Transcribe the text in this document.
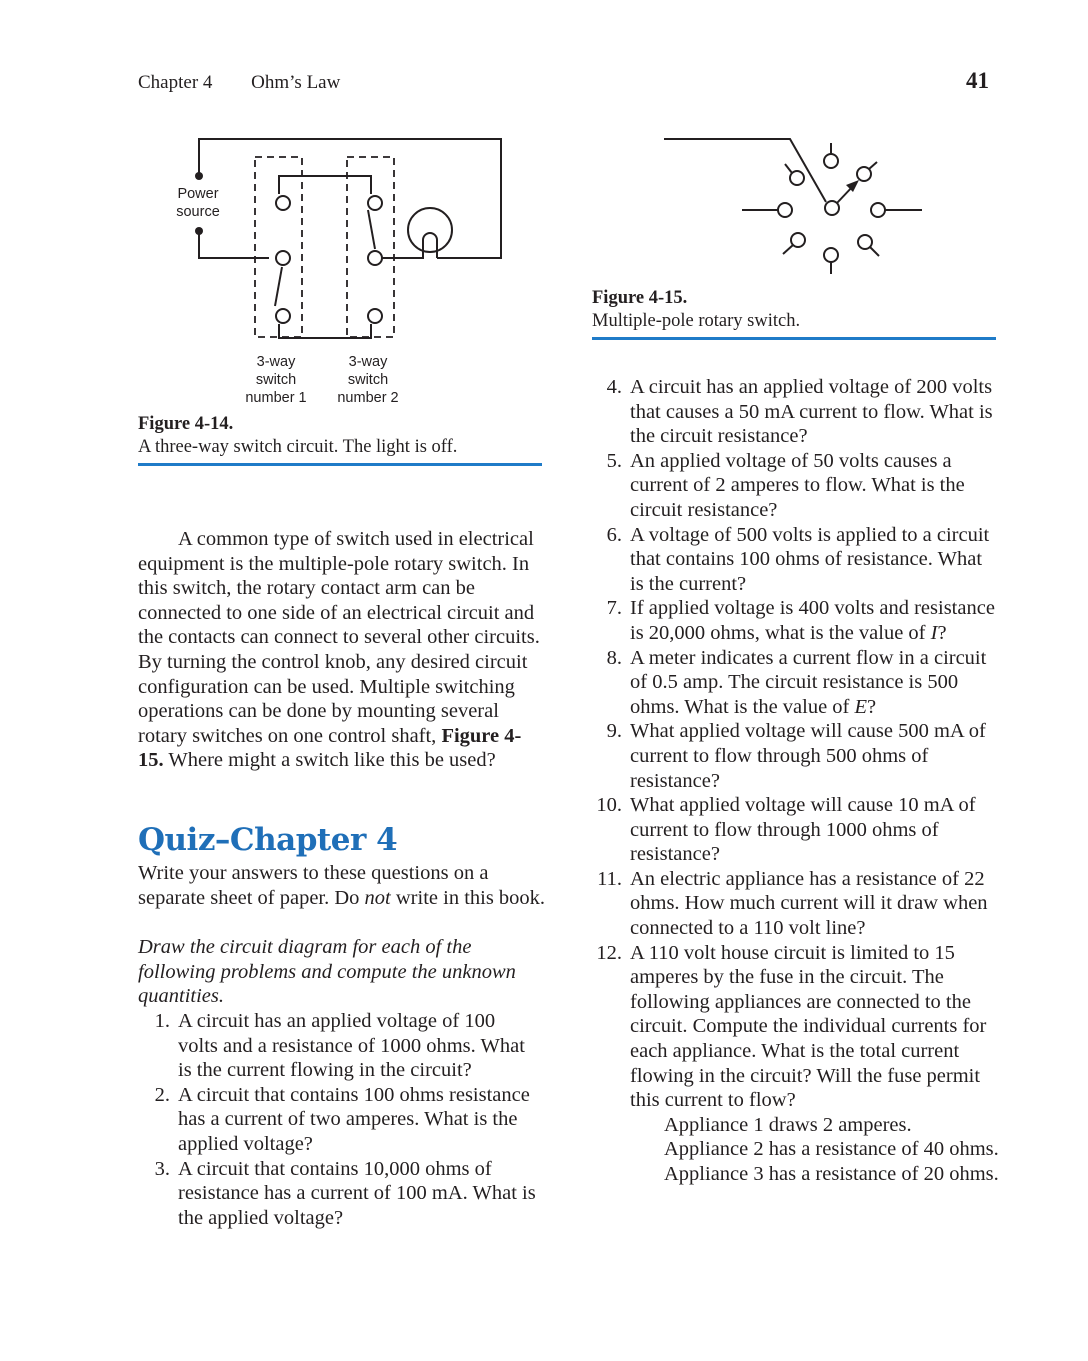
Chapter 4 Ohm’s Law	41
Power
source
3-way
switch
number 1
3-way
switch
number 2
Figure 4-14.
A three-way switch circuit. The light is off.
Figure 4-15.
Multiple-pole rotary switch.
A common type of switch used in electrical equipment is the multiple-pole rotary switch. In this switch, the rotary contact arm can be connected to one side of an electrical circuit and the contacts can connect to several other circuits. By turning the control knob, any desired circuit configuration can be used. Multiple switching operations can be done by mounting several rotary switches on one control shaft, Figure 4-15. Where might a switch like this be used?
Quiz–Chapter 4
Write your answers to these questions on a separate sheet of paper. Do not write in this book.
Draw the circuit diagram for each of the following problems and compute the unknown quantities.
1. A circuit has an applied voltage of 100 volts and a resistance of 1000 ohms. What is the current flowing in the circuit?
2. A circuit that contains 100 ohms resistance has a current of two amperes. What is the applied voltage?
3. A circuit that contains 10,000 ohms of resistance has a current of 100 mA. What is the applied voltage?
4. A circuit has an applied voltage of 200 volts that causes a 50 mA current to flow. What is the circuit resistance?
5. An applied voltage of 50 volts causes a current of 2 amperes to flow. What is the circuit resistance?
6. A voltage of 500 volts is applied to a circuit that contains 100 ohms of resistance. What is the current?
7. If applied voltage is 400 volts and resistance is 20,000 ohms, what is the value of I?
8. A meter indicates a current flow in a circuit of 0.5 amp. The circuit resistance is 500 ohms. What is the value of E?
9. What applied voltage will cause 500 mA of current to flow through 500 ohms of resistance?
10. What applied voltage will cause 10 mA of current to flow through 1000 ohms of resistance?
11. An electric appliance has a resistance of 22 ohms. How much current will it draw when connected to a 110 volt line?
12. A 110 volt house circuit is limited to 15 amperes by the fuse in the circuit. The following appliances are connected to the circuit. Compute the individual currents for each appliance. What is the total current flowing in the circuit? Will the fuse permit this current to flow?
Appliance 1 draws 2 amperes.
Appliance 2 has a resistance of 40 ohms.
Appliance 3 has a resistance of 20 ohms.
